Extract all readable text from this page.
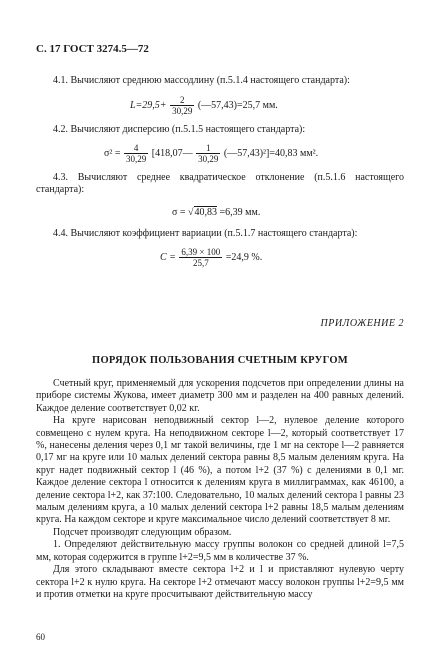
С. 17 ГОСТ 3274.5—72
4.1. Вычисляют среднюю массодлину (п.5.1.4 настоящего стандарта):
$L=29,5+ \frac{2}{30,29}$ (—57,43)=25,7 мм.
4.2. Вычисляют дисперсию (п.5.1.5 настоящего стандарта):
$\sigma^2 = \frac{4}{30,29}$ [418,07— $\frac{1}{30,29}$ (—57,43)²]=40,83 мм².
4.3. Вычисляют среднее квадратическое отклонение (п.5.1.6 настоящего стандарта):
σ = √40,83 =6,39 мм.
4.4. Вычисляют коэффициент вариации (п.5.1.7 настоящего стандарта):
$C = \frac{6,39 \times 100}{25,7} =24,9$ %.
ПРИЛОЖЕНИЕ 2
ПОРЯДОК ПОЛЬЗОВАНИЯ СЧЕТНЫМ КРУГОМ

Счетный круг, применяемый для ускорения подсчетов при определении длины на приборе системы Жукова, имеет диаметр 300 мм и разделен на 400 равных делений. Каждое деление соответствует 0,02 кг.

На круге нарисован неподвижный сектор l—2, нулевое деление которого совмещено с нулем круга. На неподвижном секторе l—2, который соответствует 17 %, нанесены деления через 0,1 мг такой величины, где 1 мг на секторе l—2 равняется 0,17 мг на круге или 10 малых делений сектора равны 8,5 малым делениям круга. На круг надет подвижный сектор l (46 %), а потом l+2 (37 %) с делениями в 0,1 мг. Каждое деление сектора l относится к делениям круга в миллиграммах, как 46100, а деление сектора l+2, как 37:100. Следовательно, 10 малых делений сектора l равны 23 малым делениям круга, а 10 малых делений сектора l+2 равны 18,5 малым делениям круга. На каждом секторе и круге максимальное число делений соответствует 8 мг.

Подсчет производят следующим образом.

1. Определяют действительную массу группы волокон со средней длиной l=7,5 мм, которая содержится в группе l+2=9,5 мм в количестве 37 %.

Для этого складывают вместе сектора l+2 и l и приставляют нулевую черту сектора l+2 к нулю круга. На секторе l+2 отмечают массу волокон группы l+2=9,5 мм и против отметки на круге просчитывают действительную массу

60
